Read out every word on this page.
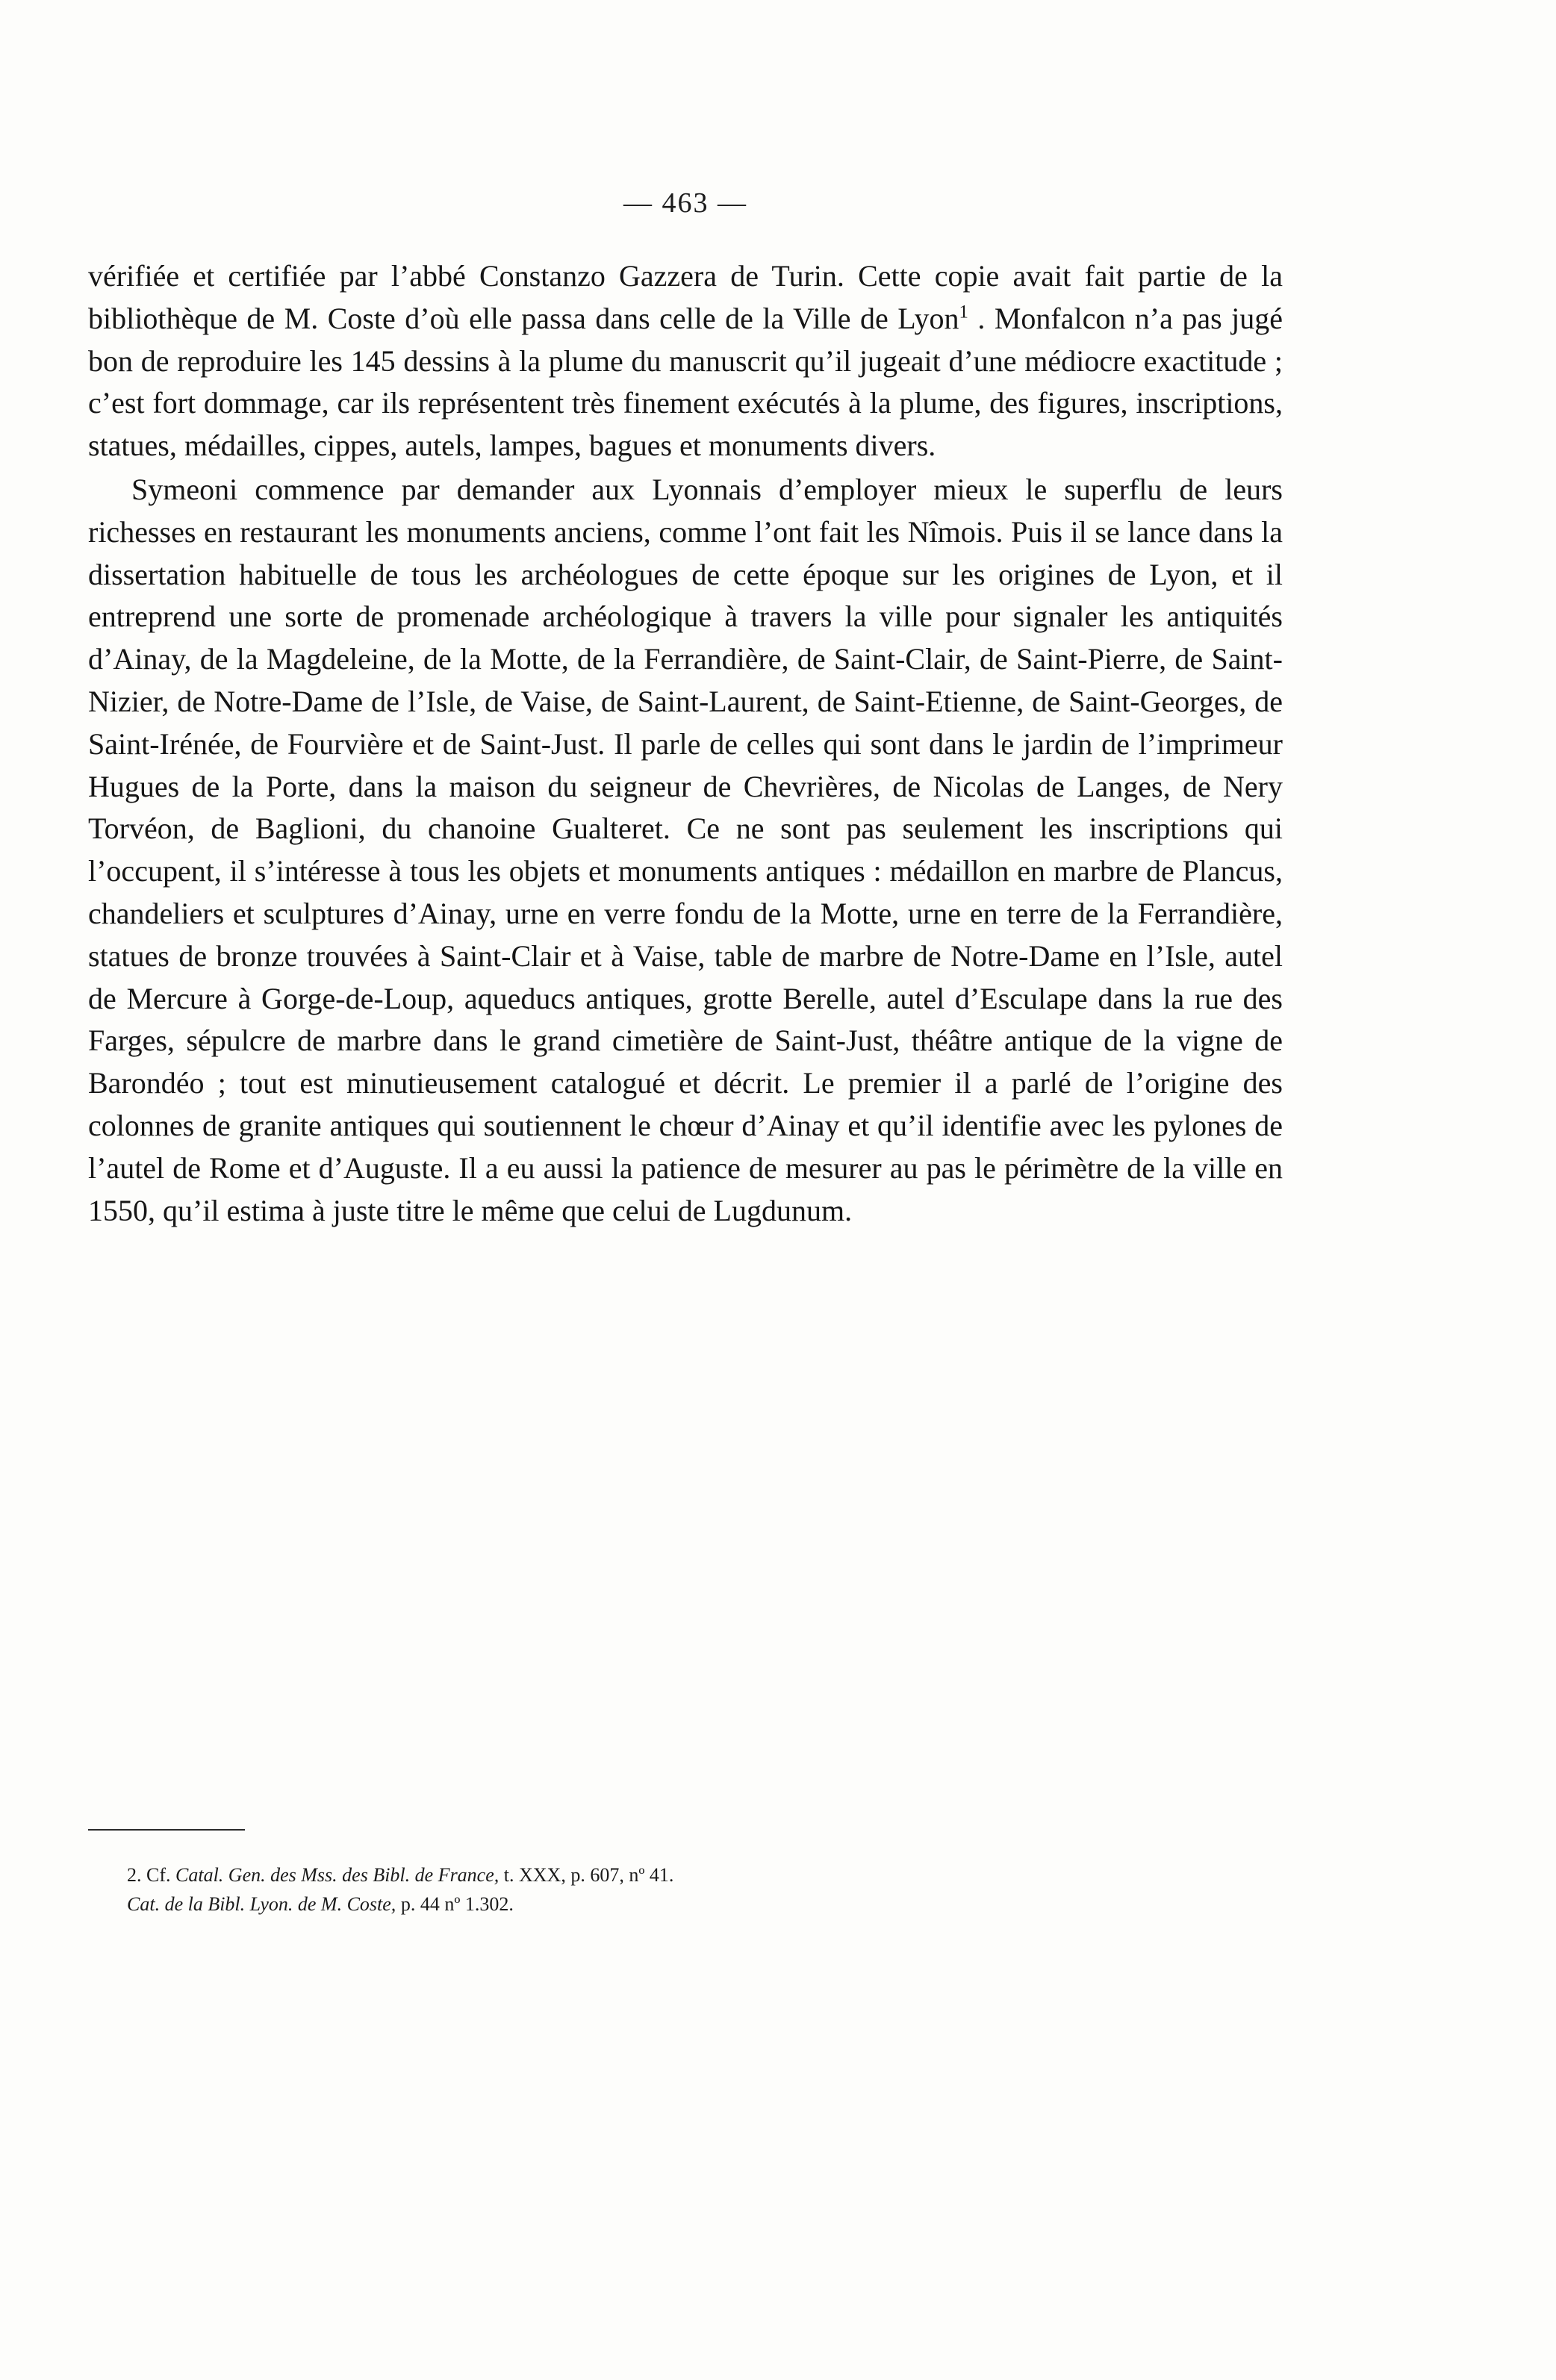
— 463 —

vérifiée et certifiée par l’abbé Constanzo Gazzera de Turin. Cette copie avait fait partie de la bibliothèque de M. Coste d’où elle passa dans celle de la Ville de Lyon$^1$ . Monfalcon n’a pas jugé bon de reproduire les 145 dessins à la plume du manuscrit qu’il jugeait d’une médiocre exactitude ; c’est fort dommage, car ils représentent très finement exécutés à la plume, des figures, inscriptions, statues, médailles, cippes, autels, lampes, bagues et monuments divers.

Symeoni commence par demander aux Lyonnais d’employer mieux le superflu de leurs richesses en restaurant les monuments anciens, comme l’ont fait les Nîmois. Puis il se lance dans la dissertation habituelle de tous les archéologues de cette époque sur les origines de Lyon, et il entreprend une sorte de promenade archéologique à travers la ville pour signaler les antiquités d’Ainay, de la Magdeleine, de la Motte, de la Ferrandière, de Saint-Clair, de Saint-Pierre, de Saint-Nizier, de Notre-Dame de l’Isle, de Vaise, de Saint-Laurent, de Saint-Etienne, de Saint-Georges, de Saint-Irénée, de Fourvière et de Saint-Just. Il parle de celles qui sont dans le jardin de l’imprimeur Hugues de la Porte, dans la maison du seigneur de Chevrières, de Nicolas de Langes, de Nery Torvéon, de Baglioni, du chanoine Gualteret. Ce ne sont pas seulement les inscriptions qui l’occupent, il s’intéresse à tous les objets et monuments antiques : médaillon en marbre de Plancus, chandeliers et sculptures d’Ainay, urne en verre fondu de la Motte, urne en terre de la Ferrandière, statues de bronze trouvées à Saint-Clair et à Vaise, table de marbre de Notre-Dame en l’Isle, autel de Mercure à Gorge-de-Loup, aqueducs antiques, grotte Berelle, autel d’Esculape dans la rue des Farges, sépulcre de marbre dans le grand cimetière de Saint-Just, théâtre antique de la vigne de Barondéo ; tout est minutieusement catalogué et décrit. Le premier il a parlé de l’origine des colonnes de granite antiques qui soutiennent le chœur d’Ainay et qu’il identifie avec les pylones de l’autel de Rome et d’Auguste. Il a eu aussi la patience de mesurer au pas le périmètre de la ville en 1550, qu’il estima à juste titre le même que celui de Lugdunum.

2. Cf. Catal. Gen. des Mss. des Bibl. de France, t. XXX, p. 607, nº 41.
Cat. de la Bibl. Lyon. de M. Coste, p. 44 nº 1.302.
